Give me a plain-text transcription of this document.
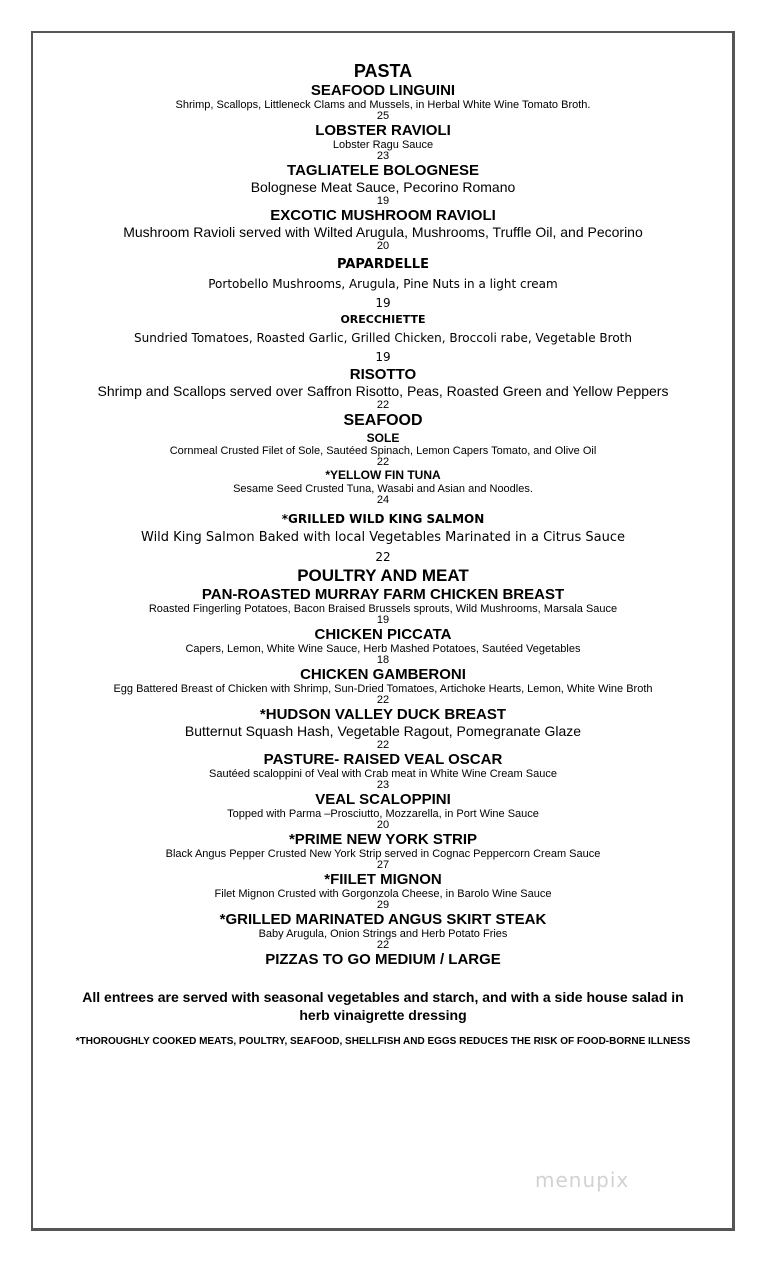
PASTA
SEAFOOD LINGUINI
Shrimp, Scallops, Littleneck Clams and Mussels, in Herbal White Wine Tomato Broth.
25
LOBSTER RAVIOLI
Lobster Ragu Sauce
23
TAGLIATELE BOLOGNESE
Bolognese Meat Sauce, Pecorino Romano
19
EXCOTIC MUSHROOM RAVIOLI
Mushroom Ravioli served with Wilted Arugula, Mushrooms, Truffle Oil, and Pecorino
20
PAPARDELLE
Portobello Mushrooms, Arugula, Pine Nuts in a light cream
19
ORECCHIETTE
Sundried Tomatoes, Roasted Garlic, Grilled Chicken, Broccoli rabe, Vegetable Broth
19
RISOTTO
Shrimp and Scallops served over Saffron Risotto, Peas, Roasted Green and Yellow Peppers
22
SEAFOOD
SOLE
Cornmeal Crusted Filet of Sole, Sautéed Spinach, Lemon Capers Tomato, and Olive Oil
22
*YELLOW FIN TUNA
Sesame Seed Crusted Tuna, Wasabi and Asian and Noodles.
24
*GRILLED WILD KING SALMON
Wild King Salmon Baked with local Vegetables Marinated in a Citrus Sauce
22
POULTRY AND MEAT
PAN-ROASTED MURRAY FARM CHICKEN BREAST
Roasted Fingerling Potatoes, Bacon Braised Brussels sprouts, Wild Mushrooms, Marsala Sauce
19
CHICKEN PICCATA
Capers, Lemon, White Wine Sauce, Herb Mashed Potatoes, Sautéed Vegetables
18
CHICKEN GAMBERONI
Egg Battered Breast of Chicken with Shrimp, Sun-Dried Tomatoes, Artichoke Hearts, Lemon, White Wine Broth
22
*HUDSON VALLEY DUCK BREAST
Butternut Squash Hash, Vegetable Ragout, Pomegranate Glaze
22
PASTURE- RAISED VEAL OSCAR
Sautéed scaloppini of Veal with Crab meat in White Wine Cream Sauce
23
VEAL SCALOPPINI
Topped with Parma –Prosciutto, Mozzarella, in Port Wine Sauce
20
*PRIME NEW YORK STRIP
Black Angus Pepper Crusted New York Strip served in Cognac Peppercorn Cream Sauce
27
*FIILET MIGNON
Filet Mignon Crusted with Gorgonzola Cheese, in Barolo Wine Sauce
29
*GRILLED MARINATED ANGUS SKIRT STEAK
Baby Arugula, Onion Strings and Herb Potato Fries
22
PIZZAS TO GO MEDIUM / LARGE
All entrees are served with seasonal vegetables and starch, and with a side house salad in herb vinaigrette dressing
*THOROUGHLY COOKED MEATS, POULTRY, SEAFOOD, SHELLFISH AND EGGS REDUCES THE RISK OF FOOD-BORNE ILLNESS
menupix
